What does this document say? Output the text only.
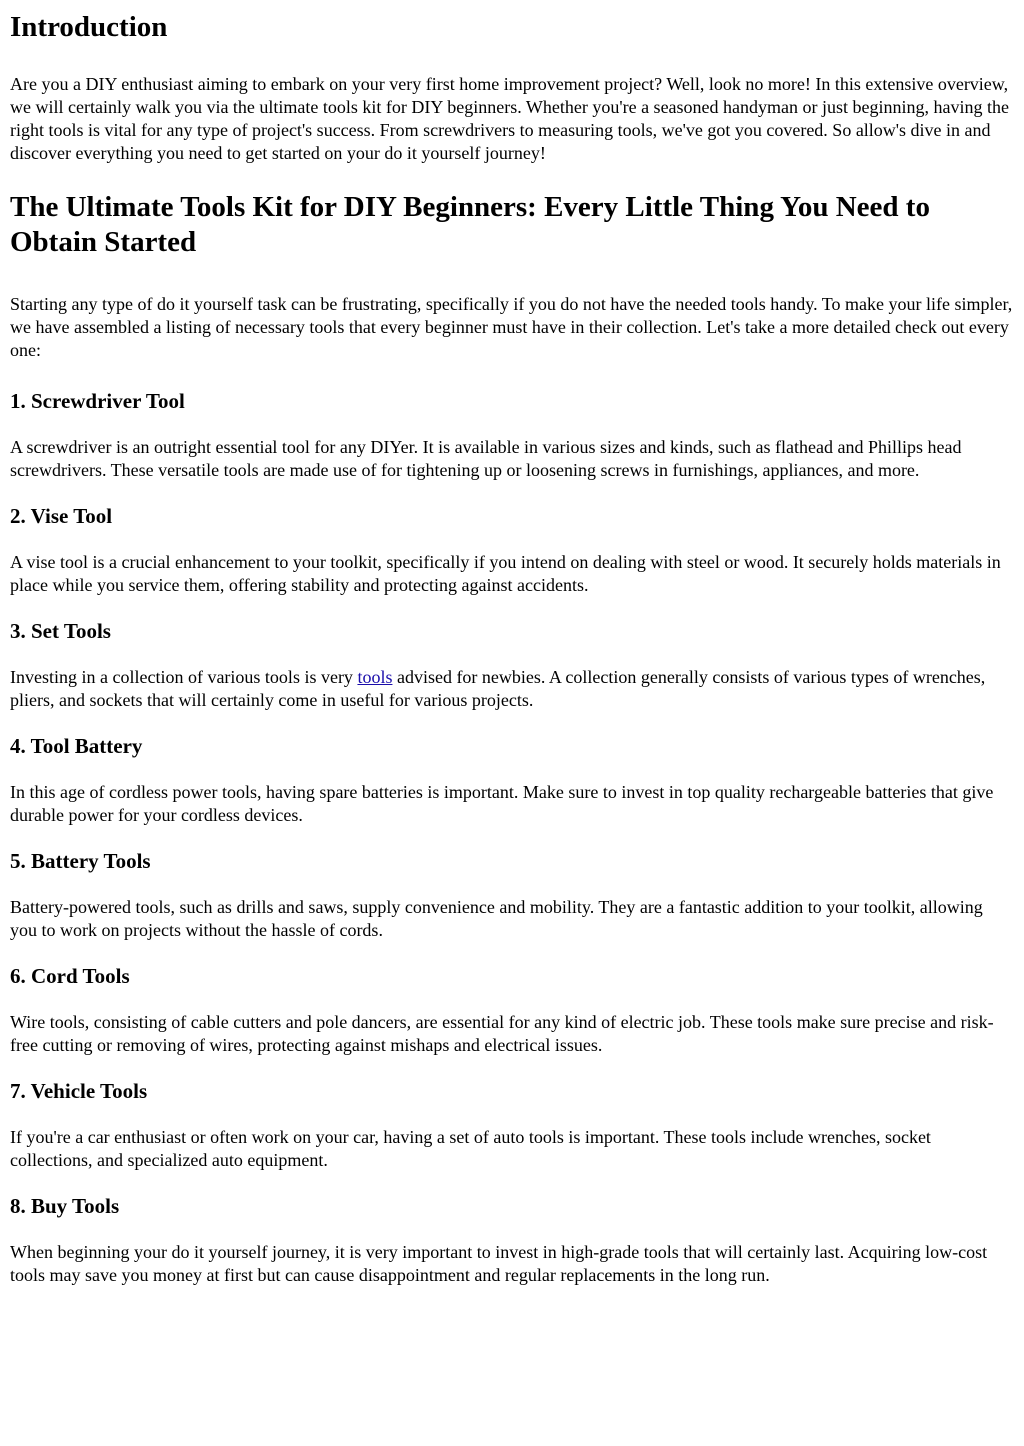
Introduction

Are you a DIY enthusiast aiming to embark on your very first home improvement project? Well, look no more! In this extensive overview, we will certainly walk you via the ultimate tools kit for DIY beginners. Whether you're a seasoned handyman or just beginning, having the right tools is vital for any type of project's success. From screwdrivers to measuring tools, we've got you covered. So allow's dive in and discover everything you need to get started on your do it yourself journey!

The Ultimate Tools Kit for DIY Beginners: Every Little Thing You Need to Obtain Started

Starting any type of do it yourself task can be frustrating, specifically if you do not have the needed tools handy. To make your life simpler, we have assembled a listing of necessary tools that every beginner must have in their collection. Let's take a more detailed check out every one:

1. Screwdriver Tool

A screwdriver is an outright essential tool for any DIYer. It is available in various sizes and kinds, such as flathead and Phillips head screwdrivers. These versatile tools are made use of for tightening up or loosening screws in furnishings, appliances, and more.

2. Vise Tool

A vise tool is a crucial enhancement to your toolkit, specifically if you intend on dealing with steel or wood. It securely holds materials in place while you service them, offering stability and protecting against accidents.

3. Set Tools

Investing in a collection of various tools is very tools advised for newbies. A collection generally consists of various types of wrenches, pliers, and sockets that will certainly come in useful for various projects.

4. Tool Battery

In this age of cordless power tools, having spare batteries is important. Make sure to invest in top quality rechargeable batteries that give durable power for your cordless devices.

5. Battery Tools

Battery-powered tools, such as drills and saws, supply convenience and mobility. They are a fantastic addition to your toolkit, allowing you to work on projects without the hassle of cords.

6. Cord Tools

Wire tools, consisting of cable cutters and pole dancers, are essential for any kind of electric job. These tools make sure precise and risk-free cutting or removing of wires, protecting against mishaps and electrical issues.

7. Vehicle Tools

If you're a car enthusiast or often work on your car, having a set of auto tools is important. These tools include wrenches, socket collections, and specialized auto equipment.

8. Buy Tools

When beginning your do it yourself journey, it is very important to invest in high-grade tools that will certainly last. Acquiring low-cost tools may save you money at first but can cause disappointment and regular replacements in the long run.
